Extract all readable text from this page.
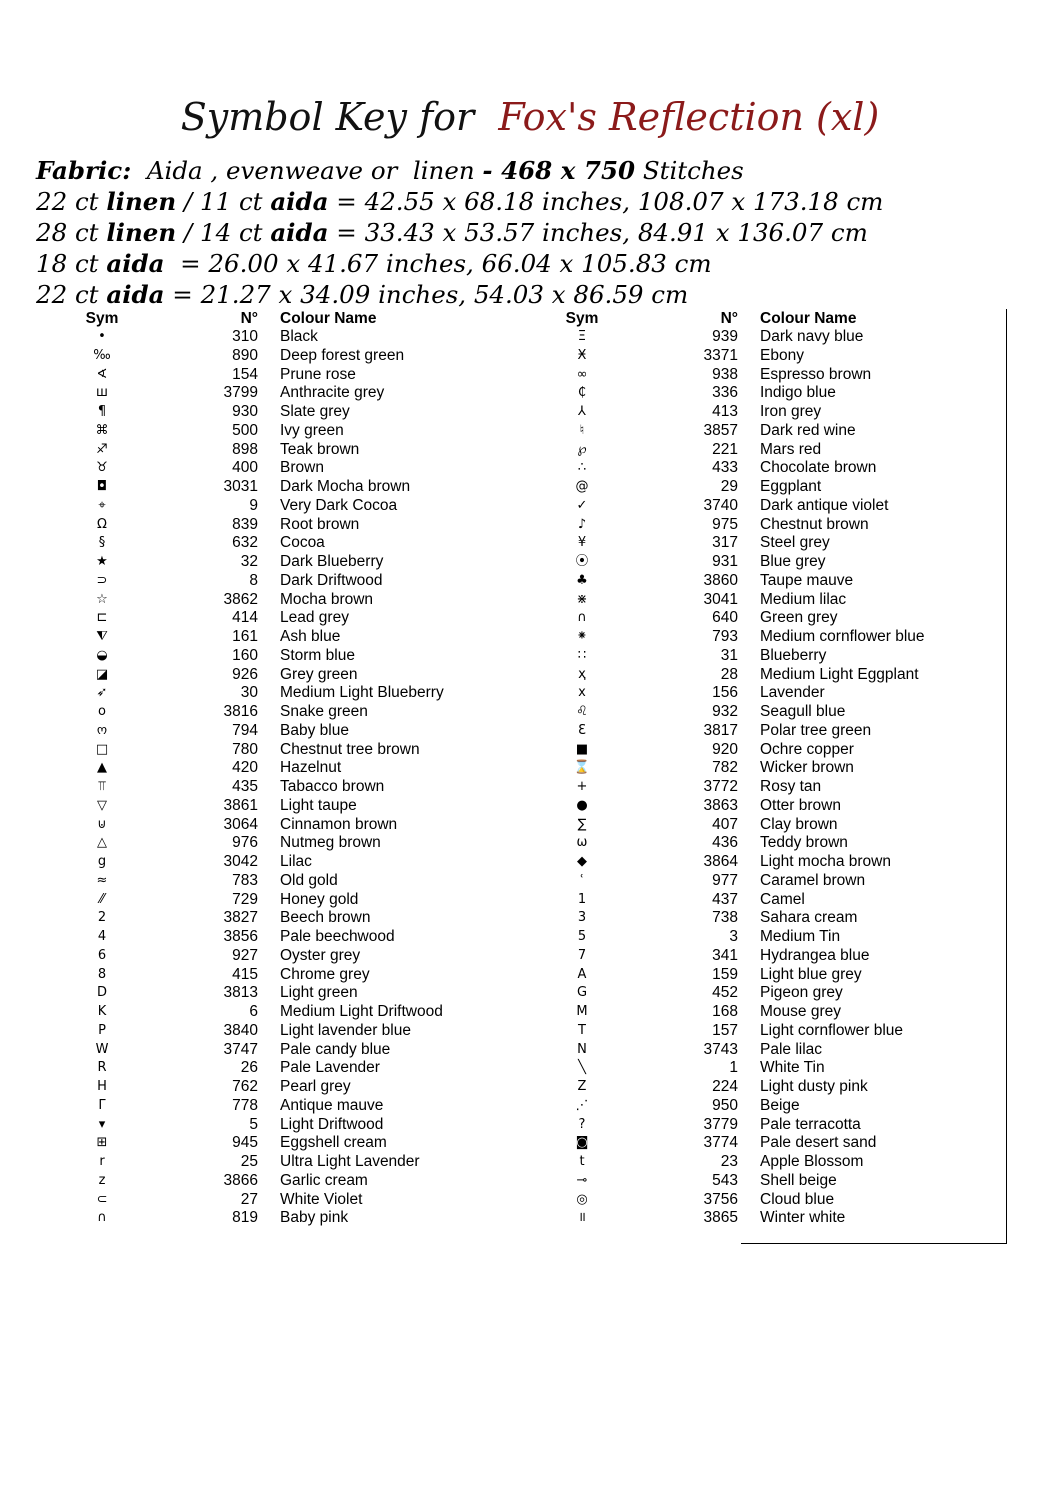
Symbol Key for Fox's Reflection (xl)
Fabric:  Aida , evenweave or  linen - 468 x 750 Stitches
22 ct linen / 11 ct aida = 42.55 x 68.18 inches, 108.07 x 173.18 cm
28 ct linen / 14 ct aida = 33.43 x 53.57 inches, 84.91 x 136.07 cm
18 ct aida  = 26.00 x 41.67 inches, 66.04 x 105.83 cm
22 ct aida = 21.27 x 34.09 inches, 54.03 x 86.59 cm
Sym	N° Colour Name
•	310 Black
‰	890 Deep forest green
∢	154 Prune rose
ш	3799 Anthracite grey
¶	930 Slate grey
⌘	500 Ivy green
♐	898 Teak brown
♉	400 Brown
◘	3031 Dark Mocha brown
⌖	9 Very Dark Cocoa
Ω	839 Root brown
§	632 Cocoa
★	32 Dark Blueberry
⊃	8 Dark Driftwood
☆	3862 Mocha brown
⊏	414 Lead grey
⧨	161 Ash blue
◒	160 Storm blue
◪	926 Grey green
➶	30 Medium Light Blueberry
o	3816 Snake green
ო	794 Baby blue
□	780 Chestnut tree brown
▲	420 Hazelnut
⫪	435 Tabacco brown
▽	3861 Light taupe
⊍	3064 Cinnamon brown
△	976 Nutmeg brown
g	3042 Lilac
≈	783 Old gold
⁄⁄	729 Honey gold
2	3827 Beech brown
4	3856 Pale beechwood
6	927 Oyster grey
8	415 Chrome grey
D	3813 Light green
K	6 Medium Light Driftwood
P	3840 Light lavender blue
W	3747 Pale candy blue
R	26 Pale Lavender
H	762 Pearl grey
Γ	778 Antique mauve
▾	5 Light Driftwood
⊞	945 Eggshell cream
r	25 Ultra Light Lavender
z	3866 Garlic cream
⊂	27 White Violet
∩	819 Baby pink
Sym	N° Colour Name
Ξ	939 Dark navy blue
Ӿ	3371 Ebony
∞	938 Espresso brown
₵	336 Indigo blue
⅄	413 Iron grey
♮	3857 Dark red wine
℘	221 Mars red
∴	433 Chocolate brown
@	29 Eggplant
✓	3740 Dark antique violet
♪	975 Chestnut brown
¥	317 Steel grey
⦿	931 Blue grey
♣	3860 Taupe mauve
⋇	3041 Medium lilac
∩	640 Green grey
⁕	793 Medium cornflower blue
∷	31 Blueberry
ҳ	28 Medium Light Eggplant
x	156 Lavender
♌	932 Seagull blue
Ɛ	3817 Polar tree green
■	920 Ochre copper
⌛	782 Wicker brown
+	3772 Rosy tan
●	3863 Otter brown
∑	407 Clay brown
ω	436 Teddy brown
◆	3864 Light mocha brown
ʿ	977 Caramel brown
1	437 Camel
3	738 Sahara cream
5	3 Medium Tin
7	341 Hydrangea blue
A	159 Light blue grey
G	452 Pigeon grey
M	168 Mouse grey
T	157 Light cornflower blue
N	3743 Pale lilac
╲	1 White Tin
Z	224 Light dusty pink
⋰	950 Beige
?	3779 Pale terracotta
◙	3774 Pale desert sand
t	23 Apple Blossom
⊸	543 Shell beige
◎	3756 Cloud blue
॥	3865 Winter white
